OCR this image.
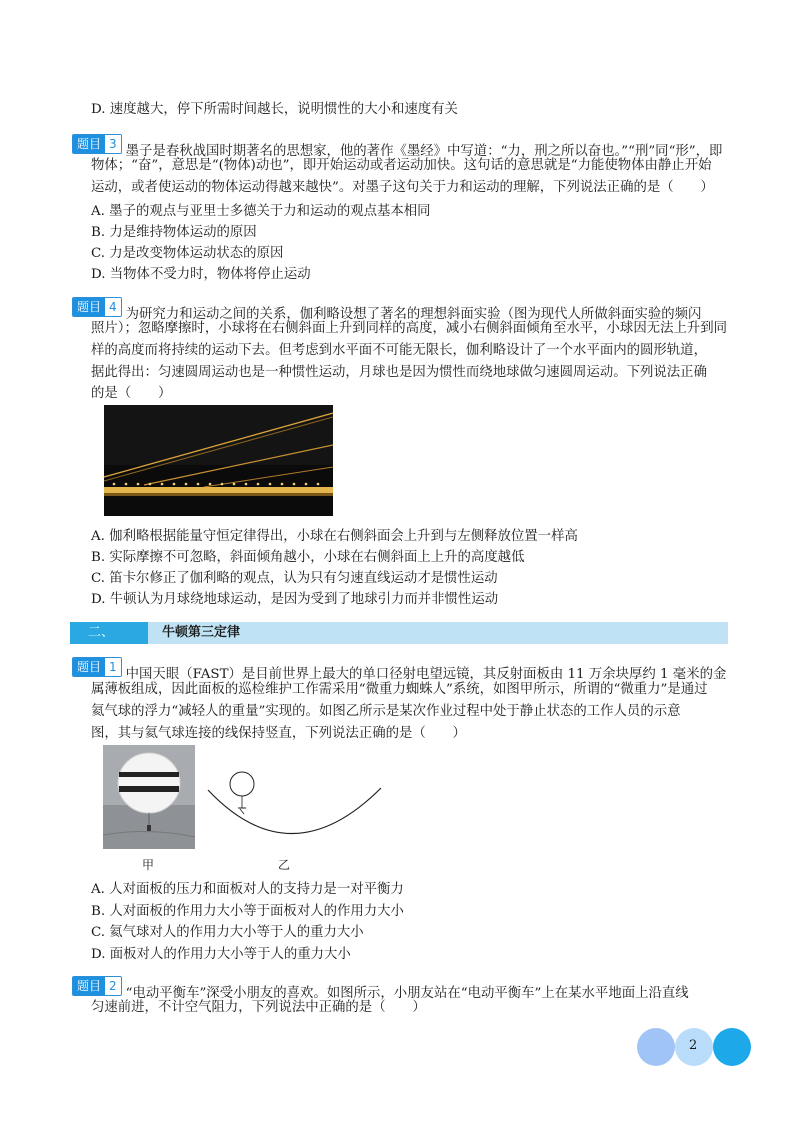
D. 速度越大，停下所需时间越长，说明惯性的大小和速度有关
题目 3 墨子是春秋战国时期著名的思想家，他的著作《墨经》中写道：“力，刑之所以奋也。”“刑”同“形”，即
物体；“奋”，意思是“(物体)动也”，即开始运动或者运动加快。这句话的意思就是“力能使物体由静止开始
运动，或者使运动的物体运动得越来越快”。对墨子这句关于力和运动的理解，下列说法正确的是（　　）
A. 墨子的观点与亚里士多德关于力和运动的观点基本相同
B. 力是维持物体运动的原因
C. 力是改变物体运动状态的原因
D. 当物体不受力时，物体将停止运动
题目 4 为研究力和运动之间的关系，伽利略设想了著名的理想斜面实验（图为现代人所做斜面实验的频闪
照片）；忽略摩擦时，小球将在右侧斜面上升到同样的高度，减小右侧斜面倾角至水平，小球因无法上升到同
样的高度而将持续的运动下去。但考虑到水平面不可能无限长，伽利略设计了一个水平面内的圆形轨道，
据此得出：匀速圆周运动也是一种惯性运动，月球也是因为惯性而绕地球做匀速圆周运动。下列说法正确
的是（　　）
A. 伽利略根据能量守恒定律得出，小球在右侧斜面会上升到与左侧释放位置一样高
B. 实际摩擦不可忽略，斜面倾角越小，小球在右侧斜面上上升的高度越低
C. 笛卡尔修正了伽利略的观点，认为只有匀速直线运动才是惯性运动
D. 牛顿认为月球绕地球运动，是因为受到了地球引力而并非惯性运动
二、	牛顿第三定律
题目 1 中国天眼（FAST）是目前世界上最大的单口径射电望远镜，其反射面板由 11 万余块厚约 1 毫米的金
属薄板组成，因此面板的巡检维护工作需采用“微重力蜘蛛人”系统，如图甲所示，所谓的“微重力”是通过
氦气球的浮力“减轻人的重量”实现的。如图乙所示是某次作业过程中处于静止状态的工作人员的示意
图，其与氦气球连接的线保持竖直，下列说法正确的是（　　）
甲	乙
A. 人对面板的压力和面板对人的支持力是一对平衡力
B. 人对面板的作用力大小等于面板对人的作用力大小
C. 氦气球对人的作用力大小等于人的重力大小
D. 面板对人的作用力大小等于人的重力大小
题目 2 “电动平衡车”深受小朋友的喜欢。如图所示，小朋友站在“电动平衡车”上在某水平地面上沿直线
匀速前进，不计空气阻力，下列说法中正确的是（　　）
2
